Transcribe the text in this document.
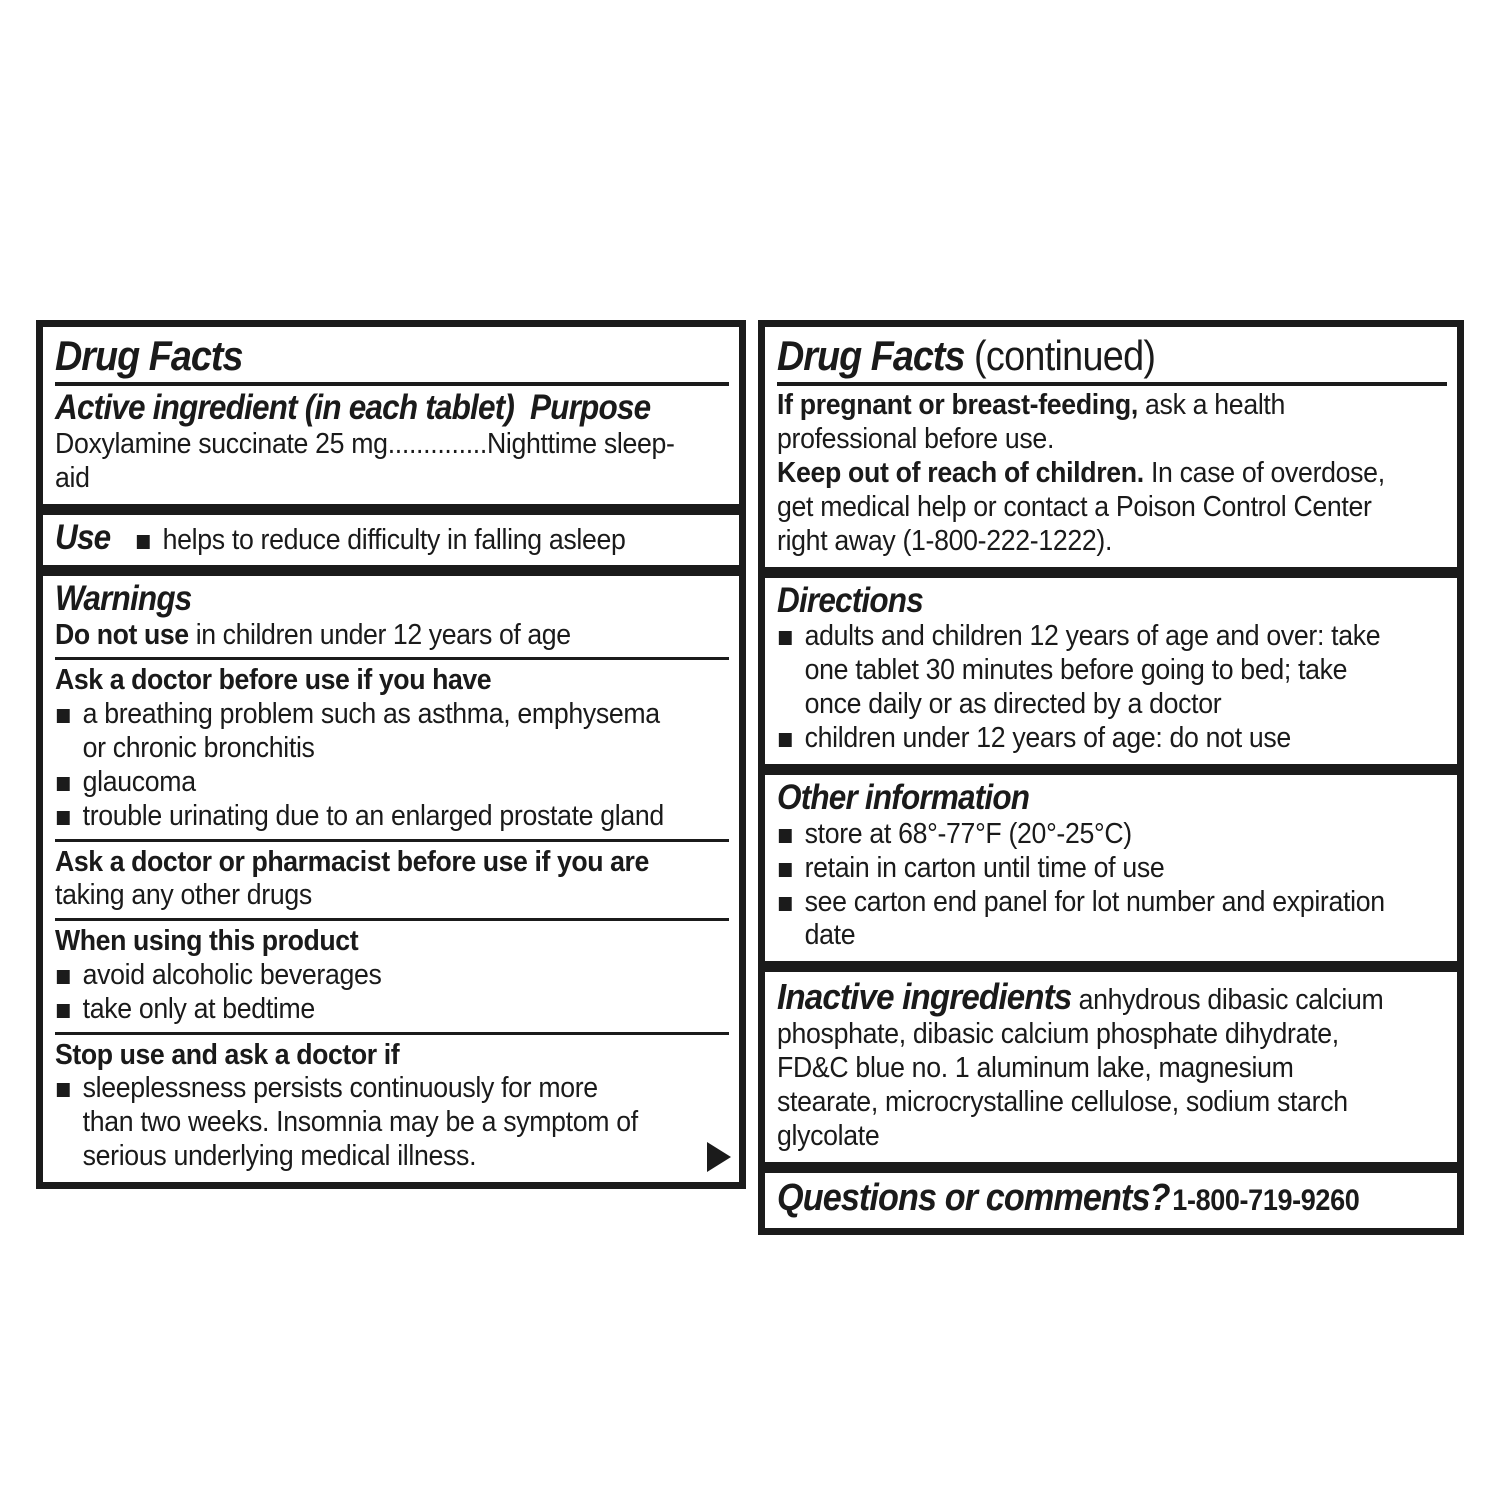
Drug Facts
Active ingredient (in each tablet) Purpose
Doxylamine succinate 25 mg..............Nighttime sleep-aid
Use	helps to reduce difficulty in falling asleep
Warnings
Do not use in children under 12 years of age
Ask a doctor before use if you have
a breathing problem such as asthma, emphysema or chronic bronchitis
glaucoma
trouble urinating due to an enlarged prostate gland
Ask a doctor or pharmacist before use if you are
taking any other drugs
When using this product
avoid alcoholic beverages
take only at bedtime
Stop use and ask a doctor if
sleeplessness persists continuously for more than two weeks. Insomnia may be a symptom of serious underlying medical illness.
Drug Facts (continued)
If pregnant or breast-feeding, ask a health professional before use.
Keep out of reach of children. In case of overdose, get medical help or contact a Poison Control Center right away (1-800-222-1222).
Directions
adults and children 12 years of age and over: take one tablet 30 minutes before going to bed; take once daily or as directed by a doctor
children under 12 years of age: do not use
Other information
store at 68°-77°F (20°-25°C)
retain in carton until time of use
see carton end panel for lot number and expiration date
Inactive ingredients anhydrous dibasic calcium phosphate, dibasic calcium phosphate dihydrate, FD&C blue no. 1 aluminum lake, magnesium stearate, microcrystalline cellulose, sodium starch glycolate
Questions or comments? 1-800-719-9260
